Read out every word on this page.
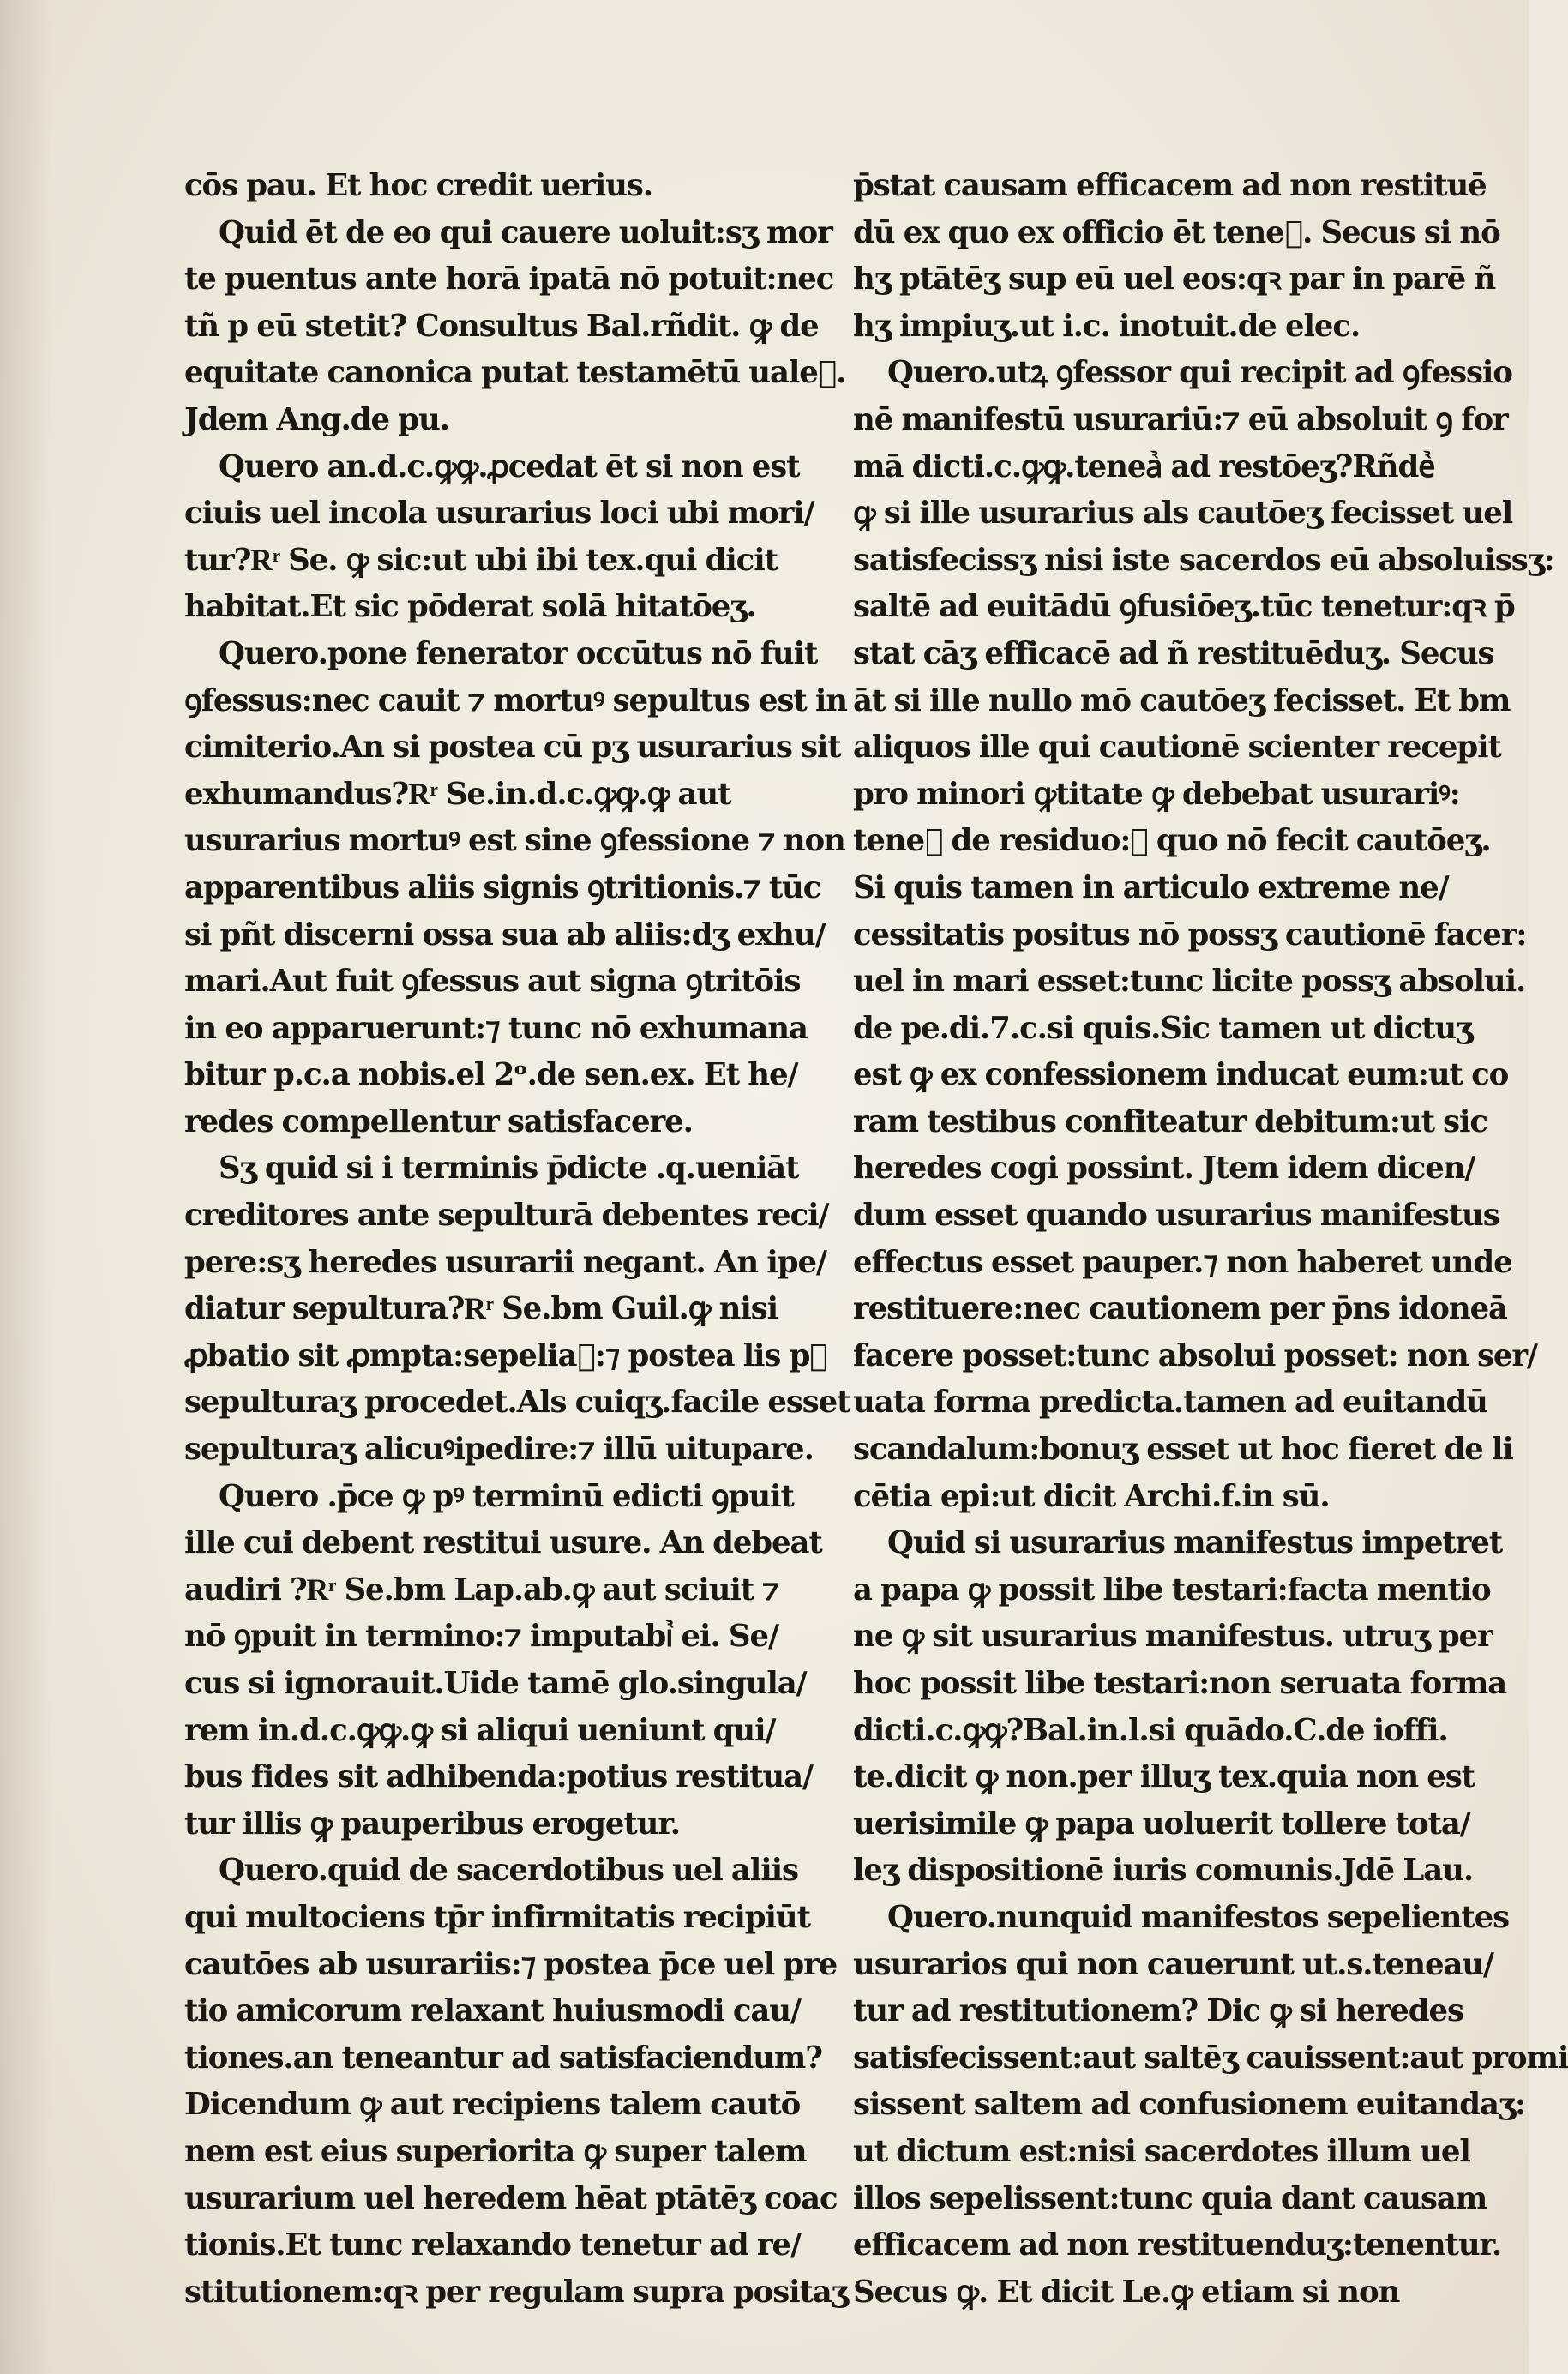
cōs pau. Et hoc credit uerius.
Quid ēt de eo qui cauere uoluit:sʒ mor
te puentus ante horā ipatā nō potuit:nec
tñ p eū stetit? Consultus Bal.rñdit. ꝙ de
equitate canonica putat testamētū ualeᷣ.
Jdem Ang.de pu.
Quero an.d.c.ꝙꝙ.ꝓcedat ēt si non est
ciuis uel incola usurarius loci ubi mori/
tur?Rͬ Se. ꝙ sic:ut ubi ibi tex.qui dicit
habitat.Et sic pōderat solā hitatōeʒ.
Quero.pone fenerator occūtus nō fuit
ꝯfessus:nec cauit ⁊ mortuꝰ sepultus est in
cimiterio.An si postea cū pʒ usurarius sit
exhumandus?Rͬ Se.in.d.c.ꝙꝙ.ꝙ aut
usurarius mortuꝰ est sine ꝯfessione ⁊ non
apparentibus aliis signis ꝯtritionis.⁊ tūc
si pñt discerni ossa sua ab aliis:dʒ exhu/
mari.Aut fuit ꝯfessus aut signa ꝯtritōis
in eo apparuerunt:⁊ tunc nō exhumana
bitur p.c.a nobis.el 2ᵒ.de sen.ex. Et he/
redes compellentur satisfacere.
Sʒ quid si i terminis p̄dicte .q.ueniāt
creditores ante sepulturā debentes reci/
pere:sʒ heredes usurarii negant. An ipe/
diatur sepultura?Rͬ Se.bm Guil.ꝙ nisi
ꝓbatio sit ꝓmpta:sepeliaᷣ:⁊ postea lis pꝰ
sepulturaʒ procedet.Als cuiqʒ.facile esset
sepulturaʒ alicuꝰipedire:⁊ illū uitupare.
Quero .p̄ce ꝙ pꝰ terminū edicti ꝯpuit
ille cui debent restitui usure. An debeat
audiri ?Rͬ Se.bm Lap.ab.ꝙ aut sciuit ⁊
nō ꝯpuit in termino:⁊ imputabiᷣ ei. Se/
cus si ignorauit.Uide tamē glo.singula/
rem in.d.c.ꝙꝙ.ꝙ si aliqui ueniunt qui/
bus fides sit adhibenda:potius restitua/
tur illis ꝙ pauperibus erogetur.
Quero.quid de sacerdotibus uel aliis
qui multociens tp̄r infirmitatis recipiūt
cautōes ab usurariis:⁊ postea p̄ce uel pre
tio amicorum relaxant huiusmodi cau/
tiones.an teneantur ad satisfaciendum?
Dicendum ꝙ aut recipiens talem cautō
nem est eius superiorita ꝙ super talem
usurarium uel heredem hēat ptātēʒ coac
tionis.Et tunc relaxando tenetur ad re/
stitutionem:qꝛ per regulam supra positaʒ
p̄stat causam efficacem ad non restituē
dū ex quo ex officio ēt teneᷣ. Secus si nō
hʒ ptātēʒ sup eū uel eos:qꝛ par in parē ñ
hʒ impiuʒ.ut i.c. inotuit.de elec.
Quero.utꝝ ꝯfessor qui recipit ad ꝯfessio
nē manifestū usurariū:⁊ eū absoluit ꝯ for
mā dicti.c.ꝙꝙ.teneaᷣ ad restōeʒ?Rñdeᷣ
ꝙ si ille usurarius als cautōeʒ fecisset uel
satisfecissʒ nisi iste sacerdos eū absoluissʒ:
saltē ad euitādū ꝯfusiōeʒ.tūc tenetur:qꝛ p̄
stat cāʒ efficacē ad ñ restituēduʒ. Secus
āt si ille nullo mō cautōeʒ fecisset. Et bm
aliquos ille qui cautionē scienter recepit
pro minori ꝙtitate ꝙ debebat usurariꝰ:
teneᷣ de residuo:ꝺ quo nō fecit cautōeʒ.
Si quis tamen in articulo extreme ne/
cessitatis positus nō possʒ cautionē facer:
uel in mari esset:tunc licite possʒ absolui.
de pe.di.7.c.si quis.Sic tamen ut dictuʒ
est ꝙ ex confessionem inducat eum:ut co
ram testibus confiteatur debitum:ut sic
heredes cogi possint. Jtem idem dicen/
dum esset quando usurarius manifestus
effectus esset pauper.⁊ non haberet unde
restituere:nec cautionem per p̄ns idoneā
facere posset:tunc absolui posset: non ser/
uata forma predicta.tamen ad euitandū
scandalum:bonuʒ esset ut hoc fieret de li
cētia epi:ut dicit Archi.f.in sū.
Quid si usurarius manifestus impetret
a papa ꝙ possit libe testari:facta mentio
ne ꝙ sit usurarius manifestus. utruʒ per
hoc possit libe testari:non seruata forma
dicti.c.ꝙꝙ?Bal.in.l.si quādo.C.de ioffi.
te.dicit ꝙ non.per illuʒ tex.quia non est
uerisimile ꝙ papa uoluerit tollere tota/
leʒ dispositionē iuris comunis.Jdē Lau.
Quero.nunquid manifestos sepelientes
usurarios qui non cauerunt ut.s.teneau/
tur ad restitutionem? Dic ꝙ si heredes
satisfecissent:aut saltēʒ cauissent:aut promi
sissent saltem ad confusionem euitandaʒ:
ut dictum est:nisi sacerdotes illum uel
illos sepelissent:tunc quia dant causam
efficacem ad non restituenduʒ:tenentur.
Secus ꝙ. Et dicit Le.ꝙ etiam si non
